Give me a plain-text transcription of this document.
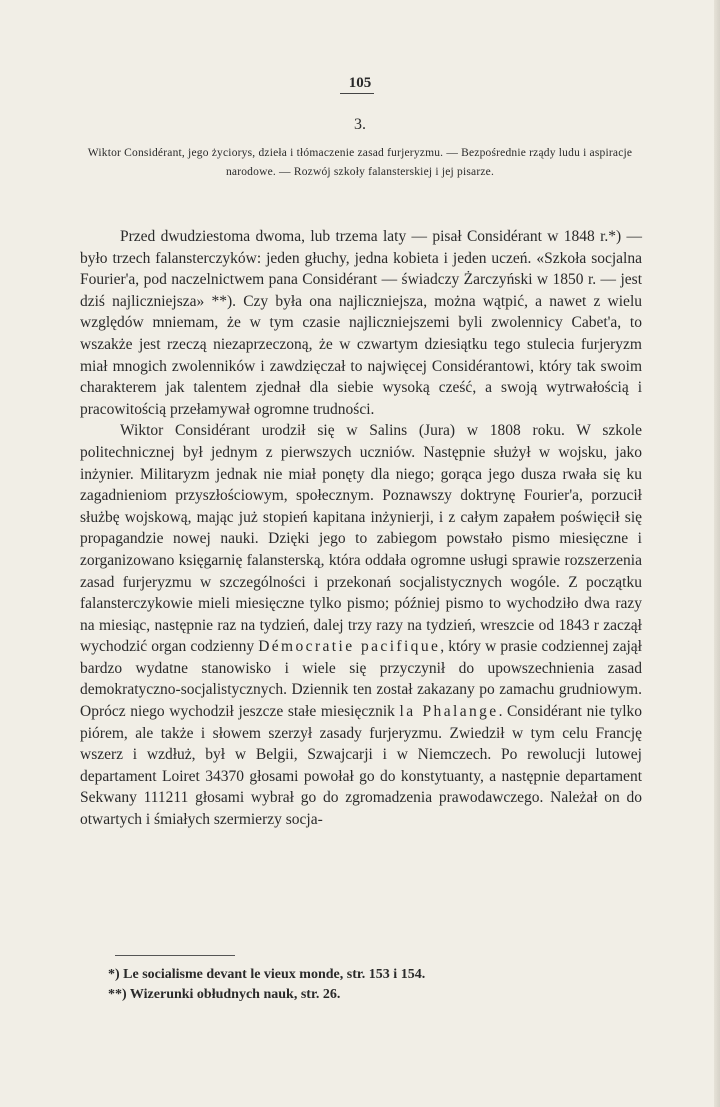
105
3.
Wiktor Considérant, jego życiorys, dzieła i tłómaczenie zasad furjeryzmu. — Bezpośrednie rządy ludu i aspiracje narodowe. — Rozwój szkoły falansterskiej i jej pisarze.

Przed dwudziestoma dwoma, lub trzema laty — pisał Considérant w 1848 r.*) — było trzech falansterczyków: jeden głuchy, jedna kobieta i jeden uczeń. «Szkoła socjalna Fourier'a, pod naczelnictwem pana Considérant — świadczy Żarczyński w 1850 r. — jest dziś najliczniejsza» **). Czy była ona najliczniejsza, można wątpić, a nawet z wielu względów mniemam, że w tym czasie najliczniejszemi byli zwolennicy Cabet'a, to wszakże jest rzeczą niezaprzeczoną, że w czwartym dziesiątku tego stulecia furjeryzm miał mnogich zwolenników i zawdzięczał to najwięcej Considérantowi, który tak swoim charakterem jak talentem zjednał dla siebie wysoką cześć, a swoją wytrwałością i pracowitością przełamywał ogromne trudności.

Wiktor Considérant urodził się w Salins (Jura) w 1808 roku. W szkole politechnicznej był jednym z pierwszych uczniów. Następnie służył w wojsku, jako inżynier. Militaryzm jednak nie miał ponęty dla niego; gorąca jego dusza rwała się ku zagadnieniom przyszłościowym, społecznym. Poznawszy doktrynę Fourier'a, porzucił służbę wojskową, mając już stopień kapitana inżynierji, i z całym zapałem poświęcił się propagandzie nowej nauki. Dzięki jego to zabiegom powstało pismo miesięczne i zorganizowano księgarnię falansterską, która oddała ogromne usługi sprawie rozszerzenia zasad furjeryzmu w szczególności i przekonań socjalistycznych wogóle. Z początku falansterczykowie mieli miesięczne tylko pismo; później pismo to wychodziło dwa razy na miesiąc, następnie raz na tydzień, dalej trzy razy na tydzień, wreszcie od 1843 r zaczął wychodzić organ codzienny Démocratie pacifique, który w prasie codziennej zajął bardzo wydatne stanowisko i wiele się przyczynił do upowszechnienia zasad demokratyczno-socjalistycznych. Dziennik ten został zakazany po zamachu grudniowym. Oprócz niego wychodził jeszcze stałe miesięcznik la Phalange. Considérant nie tylko piórem, ale także i słowem szerzył zasady furjeryzmu. Zwiedził w tym celu Francję wszerz i wzdłuż, był w Belgii, Szwajcarji i w Niemczech. Po rewolucji lutowej departament Loiret 34370 głosami powołał go do konstytuanty, a następnie departament Sekwany 111211 głosami wybrał go do zgromadzenia prawodawczego. Należał on do otwartych i śmiałych szermierzy socja-

*) Le socialisme devant le vieux monde, str. 153 i 154.
**) Wizerunki obłudnych nauk, str. 26.
